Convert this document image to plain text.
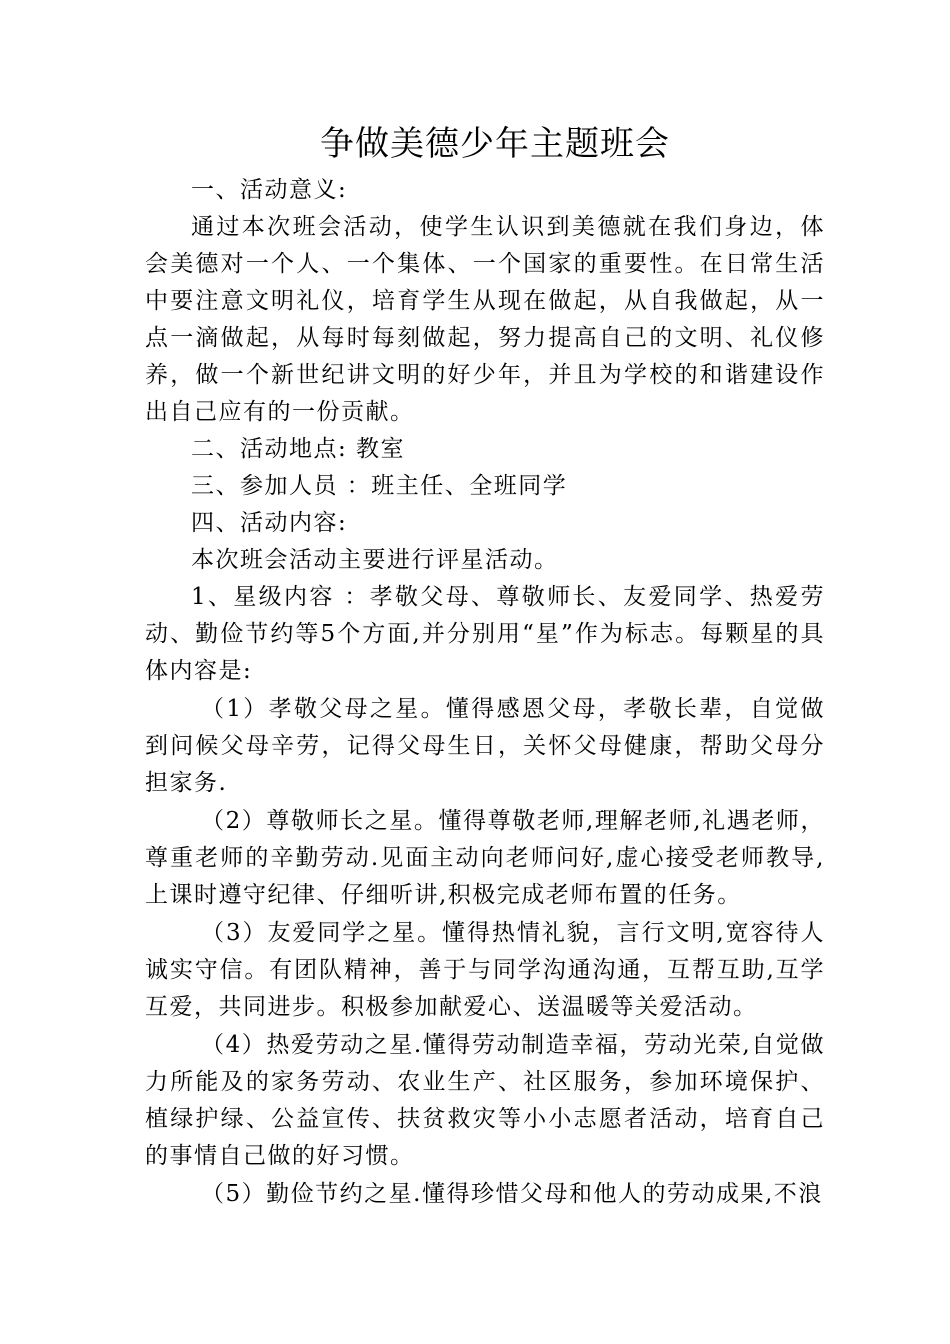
争做美德少年主题班会

一、活动意义:

通过本次班会活动，使学生认识到美德就在我们身边，体会美德对一个人、一个集体、一个国家的重要性。在日常生活中要注意文明礼仪，培育学生从现在做起，从自我做起，从一点一滴做起，从每时每刻做起，努力提高自己的文明、礼仪修养，做一个新世纪讲文明的好少年，并且为学校的和谐建设作出自己应有的一份贡献。

二、活动地点: 教室

三、参加人员 ：班主任、全班同学

四、活动内容:

本次班会活动主要进行评星活动。

1、星级内容 ：孝敬父母、尊敬师长、友爱同学、热爱劳动、勤俭节约等5个方面,并分别用“星”作为标志。每颗星的具体内容是:

（1）孝敬父母之星。懂得感恩父母，孝敬长辈，自觉做到问候父母辛劳，记得父母生日，关怀父母健康，帮助父母分担家务.

（2）尊敬师长之星。懂得尊敬老师,理解老师,礼遇老师，尊重老师的辛勤劳动.见面主动向老师问好,虚心接受老师教导,上课时遵守纪律、仔细听讲,积极完成老师布置的任务。

（3）友爱同学之星。懂得热情礼貌，言行文明,宽容待人诚实守信。有团队精神，善于与同学沟通沟通，互帮互助,互学互爱，共同进步。积极参加献爱心、送温暖等关爱活动。

（4）热爱劳动之星.懂得劳动制造幸福，劳动光荣,自觉做力所能及的家务劳动、农业生产、社区服务，参加环境保护、植绿护绿、公益宣传、扶贫救灾等小小志愿者活动，培育自己的事情自己做的好习惯。

（5）勤俭节约之星.懂得珍惜父母和他人的劳动成果,不浪
